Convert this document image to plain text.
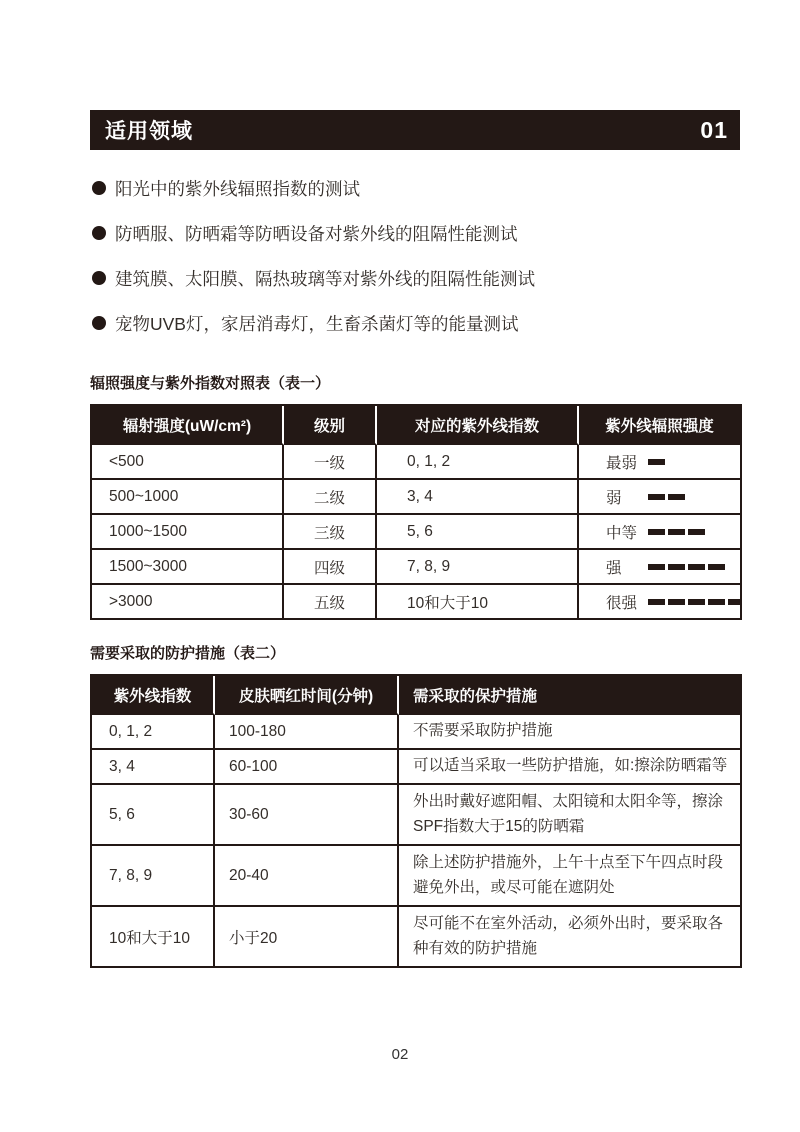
适用领域	01
阳光中的紫外线辐照指数的测试
防晒服、防晒霜等防晒设备对紫外线的阻隔性能测试
建筑膜、太阳膜、隔热玻璃等对紫外线的阻隔性能测试
宠物UVB灯，家居消毒灯，生畜杀菌灯等的能量测试
辐照强度与紫外指数对照表（表一）
辐射强度(uW/cm²)	级别	对应的紫外线指数	紫外线辐照强度
<500	一级	0, 1, 2	最弱

500~1000	二级	3, 4	弱

1000~1500	三级	5, 6	中等

1500~3000	四级	7, 8, 9	强

>3000	五级	10和大于10	很强
需要采取的防护措施（表二）
紫外线指数	皮肤晒红时间(分钟)	需采取的保护措施
0, 1, 2	100-180	不需要采取防护措施
3, 4	60-100	可以适当采取一些防护措施，如:擦涂防晒霜等
5, 6	30-60	外出时戴好遮阳帽、太阳镜和太阳伞等，擦涂SPF指数大于15的防晒霜
7, 8, 9	20-40	除上述防护措施外，上午十点至下午四点时段避免外出，或尽可能在遮阴处
10和大于10	小于20	尽可能不在室外活动，必须外出时，要采取各种有效的防护措施
02
